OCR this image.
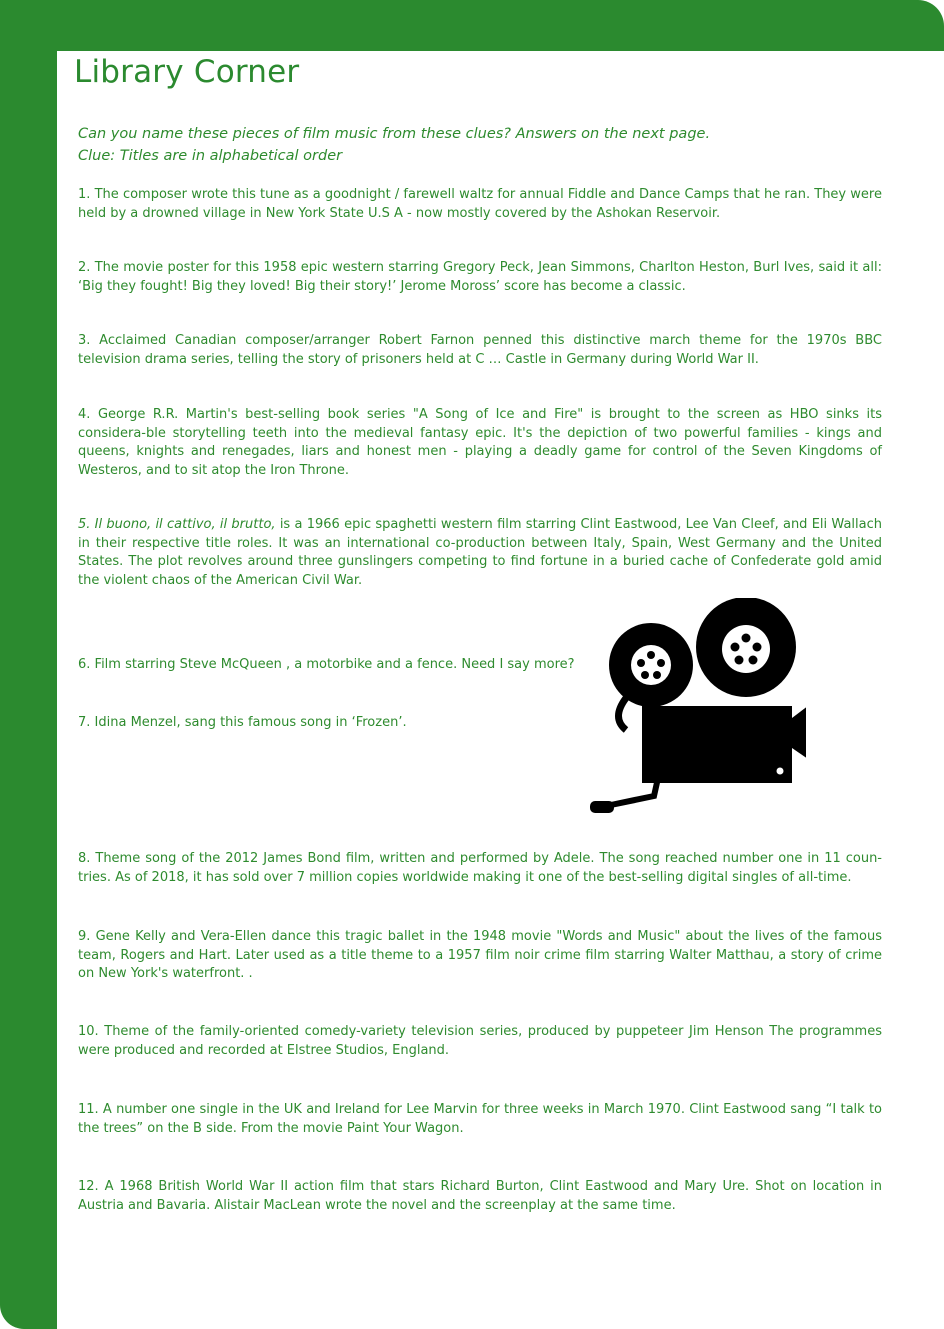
Library Corner
Can you name these pieces of film music from these clues? Answers on the next page.
Clue: Titles are in alphabetical order

1. The composer wrote this tune as a goodnight / farewell waltz for annual Fiddle and Dance Camps that he ran. They were held by a drowned village in New York State U.S A - now mostly covered by the Ashokan Reservoir.

2. The movie poster for this 1958 epic western starring Gregory Peck, Jean Simmons, Charlton Heston, Burl Ives, said it all: ‘Big they fought! Big they loved! Big their story!’ Jerome Moross’ score has become a classic.

3. Acclaimed Canadian composer/arranger Robert Farnon penned this distinctive march theme for the 1970s BBC television drama series, telling the story of prisoners held at C … Castle in Germany during World War II.

4. George R.R. Martin's best-selling book series "A Song of Ice and Fire" is brought to the screen as HBO sinks its considera-ble storytelling teeth into the medieval fantasy epic. It's the depiction of two powerful families - kings and queens, knights and renegades, liars and honest men - playing a deadly game for control of the Seven Kingdoms of Westeros, and to sit atop the Iron Throne.

5. Il buono, il cattivo, il brutto, is a 1966 epic spaghetti western film starring Clint Eastwood, Lee Van Cleef, and Eli Wallach in their respective title roles. It was an international co-production between Italy, Spain, West Germany and the United States. The plot revolves around three gunslingers competing to find fortune in a buried cache of Confederate gold amid the violent chaos of the American Civil War.

6. Film starring Steve McQueen , a motorbike and a fence. Need I say more?

7. Idina Menzel, sang this famous song in ‘Frozen’.

8. Theme song of the 2012 James Bond film, written and performed by Adele. The song reached number one in 11 coun-tries. As of 2018, it has sold over 7 million copies worldwide making it one of the best-selling digital singles of all-time.

9. Gene Kelly and Vera-Ellen dance this tragic ballet in the 1948 movie "Words and Music" about the lives of the famous team, Rogers and Hart. Later used as a title theme to a 1957 film noir crime film starring Walter Matthau, a story of crime on New York's waterfront. .

10. Theme of the family-oriented comedy-variety television series, produced by puppeteer Jim Henson The programmes were produced and recorded at Elstree Studios, England.

11. A number one single in the UK and Ireland for Lee Marvin for three weeks in March 1970. Clint Eastwood sang “I talk to the trees” on the B side. From the movie Paint Your Wagon.

12. A 1968 British World War II action film that stars Richard Burton, Clint Eastwood and Mary Ure. Shot on location in Austria and Bavaria. Alistair MacLean wrote the novel and the screenplay at the same time.
